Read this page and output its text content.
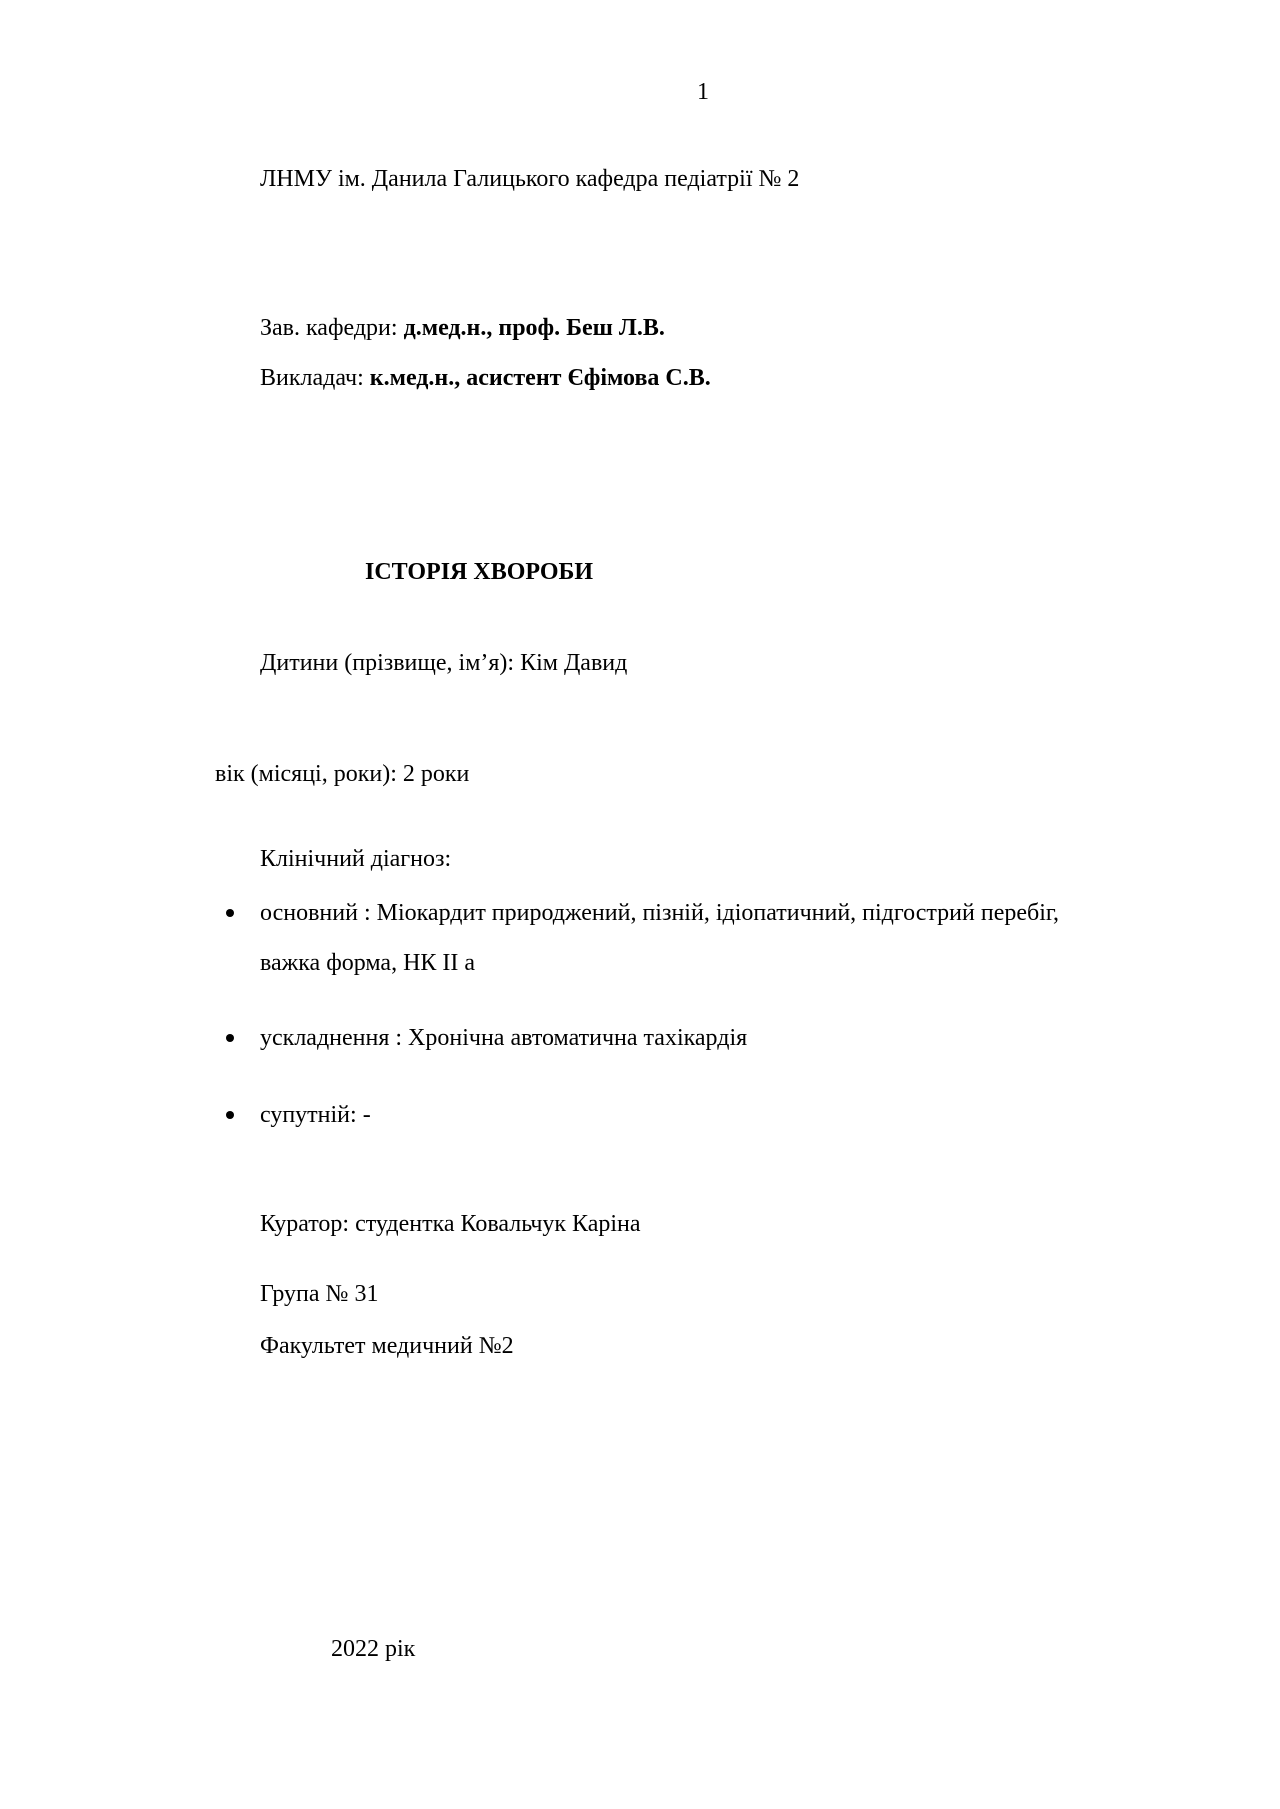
1
ЛНМУ ім. Данила Галицького кафедра педіатрії № 2
Зав. кафедри: д.мед.н., проф. Беш Л.В.
Викладач: к.мед.н., асистент Єфімова С.В.
ІСТОРІЯ ХВОРОБИ
Дитини (прізвище, ім’я): Кім Давид
вік (місяці, роки): 2 роки
Клінічний діагноз:
основний : Міокардит природжений, пізній, ідіопатичний, підгострий перебіг,
важка форма, НК ІІ а
ускладнення : Хронічна автоматична тахікардія
супутній: -
Куратор: студентка Ковальчук Каріна
Група № 31
Факультет медичний №2
2022 рік
